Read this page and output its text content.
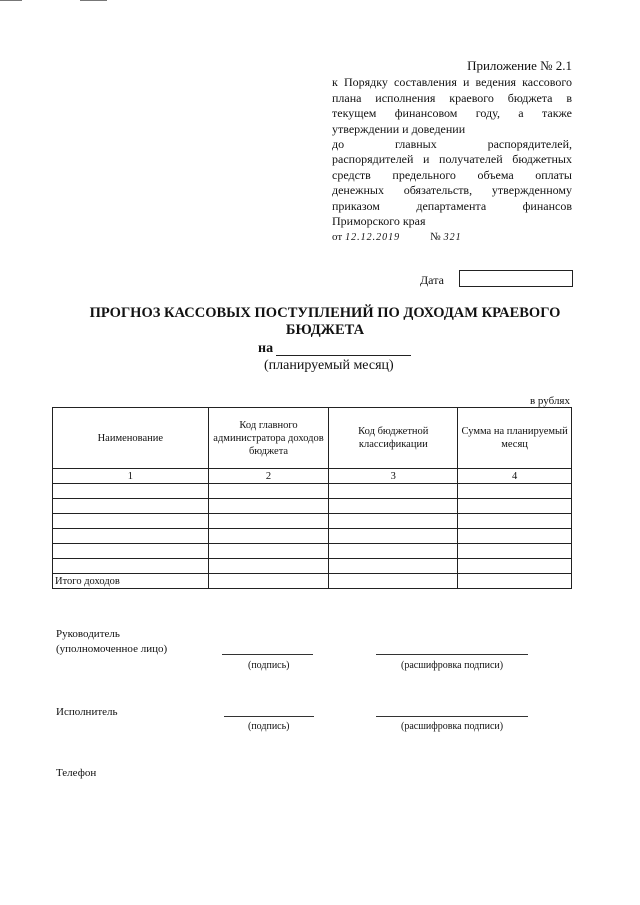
Приложение № 2.1
к Порядку составления и ведения кассового
плана исполнения краевого бюджета в
текущем финансовом году, а также
утверждении и доведении
до главных распорядителей,
распорядителей и получателей бюджетных
средств предельного объема оплаты
денежных обязательств, утвержденному
приказом департамента финансов
Приморского края
от 12.12.2019	№ 321
Дата
ПРОГНОЗ КАССОВЫХ ПОСТУПЛЕНИЙ ПО ДОХОДАМ КРАЕВОГО БЮДЖЕТА
на
(планируемый месяц)
в рублях
Наименование	Код главного администратора доходов бюджета	Код бюджетной классификации	Сумма на планируемый месяц
1	2	3	4

Итого доходов			
Руководитель
(уполномоченное лицо)
(подпись)	(расшифровка подписи)
Исполнитель
(подпись)	(расшифровка подписи)
Телефон
